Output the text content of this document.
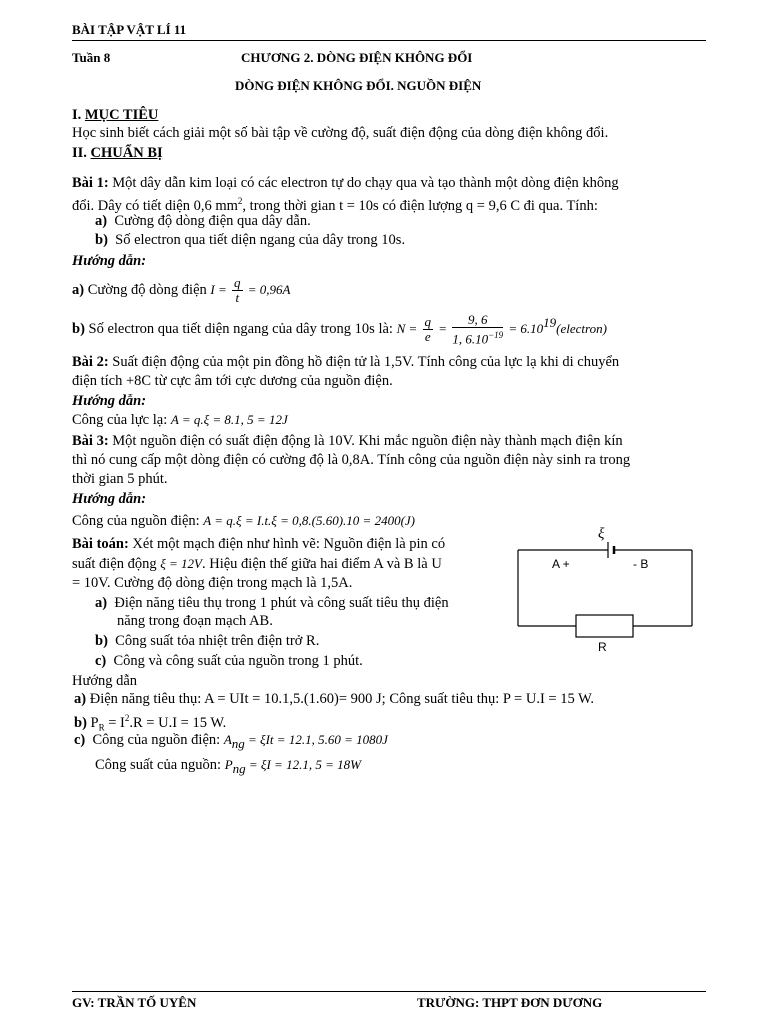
BÀI TẬP VẬT LÍ 11
Tuần 8	CHƯƠNG 2. DÒNG ĐIỆN KHÔNG ĐỔI
DÒNG ĐIỆN KHÔNG ĐỔI. NGUỒN ĐIỆN
I. MỤC TIÊU
Học sinh biết cách giải một số bài tập về cường độ, suất điện động của dòng điện không đổi.
II. CHUẨN BỊ
Bài 1: Một dây dẫn kim loại có các electron tự do chạy qua và tạo thành một dòng điện không
đổi. Dây có tiết diện 0,6 $mm^2$, trong thời gian t = 10s có điện lượng q = 9,6 C đi qua. Tính:
a) Cường độ dòng điện qua dây dẫn.
b) Số electron qua tiết diện ngang của dây trong 10s.
Hướng dẫn:
a) Cường độ dòng điện $I = \frac{q}{t} = 0,96A$
b) Số electron qua tiết diện ngang của dây trong 10s là: $N = \frac{q}{e} = \frac{9, 6}{1, 6.10^{-19}}$ = $6.10^{19}(electron)$
Bài 2: Suất điện động của một pin đồng hồ điện tử là 1,5V. Tính công của lực lạ khi di chuyển
điện tích +8C từ cực âm tới cực dương của nguồn điện.
Hướng dẫn:
Công của lực lạ: A = q.ξ = 8.1, 5 = 12J
Bài 3: Một nguồn điện có suất điện động là 10V. Khi mắc nguồn điện này thành mạch điện kín
thì nó cung cấp một dòng điện có cường độ là 0,8A. Tính công của nguồn điện này sinh ra trong
thời gian 5 phút.
Hướng dẫn:
Công của nguồn điện: A = q.ξ = I.t.ξ = 0,8.(5.60).10 = 2400(J)
Bài toán: Xét một mạch điện như hình vẽ: Nguồn điện là pin có
suất điện động ξ = 12V. Hiệu điện thế giữa hai điểm A và B là U
= 10V. Cường độ dòng điện trong mạch là 1,5A.
a) Điện năng tiêu thụ trong 1 phút và công suất tiêu thụ điện
năng trong đoạn mạch AB.
b) Công suất tỏa nhiệt trên điện trở R.
c) Công và công suất của nguồn trong 1 phút.
Hướng dẫn
a) Điện năng tiêu thụ: A = UIt = 10.1,5.(1.60)= 900 J; Công suất tiêu thụ: P = U.I = 15 W.
b) $P_R = I^2.R = U.I = 15$ W.
c) Công của nguồn điện: $A_{ng} = \xi It = 12.1$, 5.60 = 1080J
Công suất của nguồn: $P_{ng} = \xi I = 12.1$, 5 = 18W
A +	- B
R
ξ
GV: TRẦN TỐ UYÊN	TRƯỜNG: THPT ĐƠN DƯƠNG
